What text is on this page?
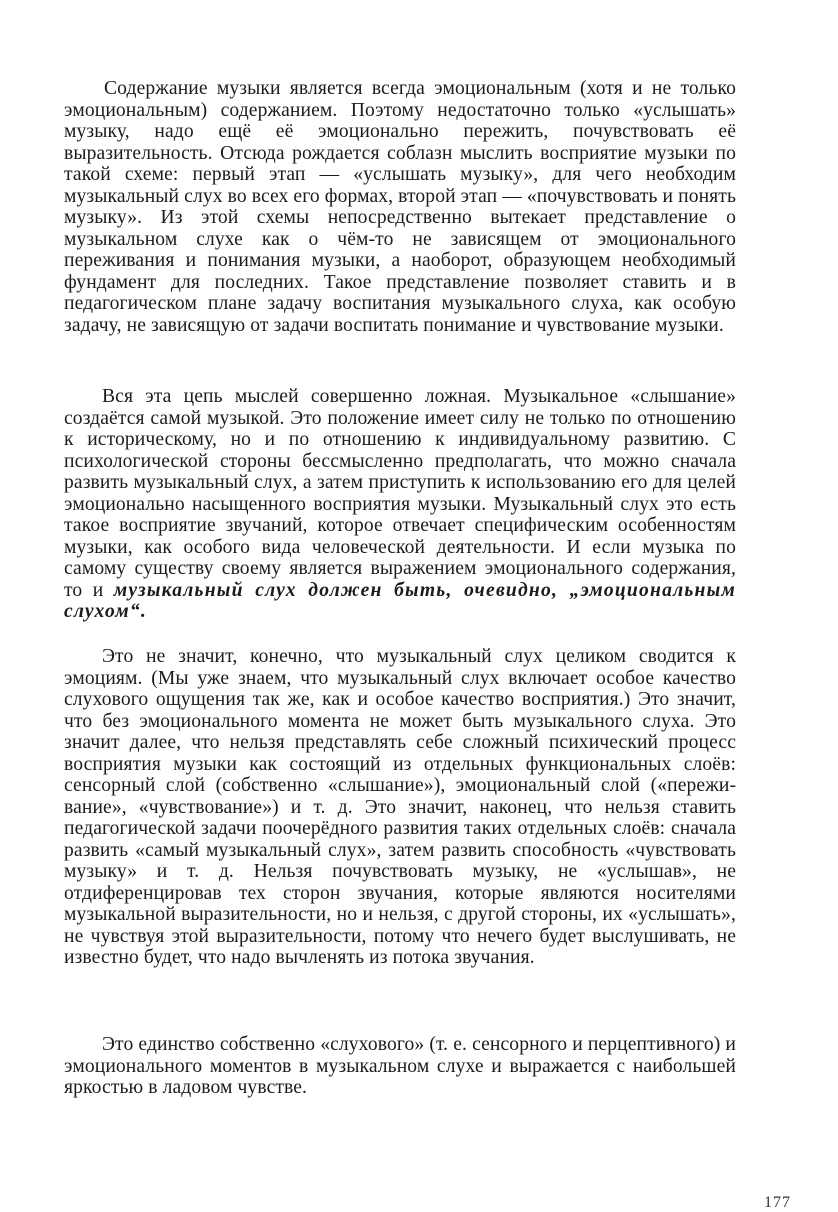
Содержание музыки является всегда эмоциональным (хотя и не только эмоциональным) содержанием. Поэтому недостаточно только «услышать» музыку, надо ещё её эмоционально пережить, почувствовать её выразительность. Отсюда рождается соблазн мыслить восприятие музыки по такой схеме: первый этап — «услышать музыку», для чего необходим музыкальный слух во всех его формах, второй этап — «почувствовать и понять музыку». Из этой схемы непосредственно вытекает представление о музыкальном слухе как о чём-то не зависящем от эмоционального переживания и понимания музыки, а наоборот, образующем необходимый фундамент для последних. Такое представление позволяет ставить и в педагогическом плане задачу воспитания музыкального слуха, как особую задачу, не зависящую от задачи воспитать понимание и чувствование музыки.

Вся эта цепь мыслей совершенно ложная. Музыкальное «слышание» создаётся самой музыкой. Это положение имеет силу не только по отношению к историческому, но и по отношению к индивидуальному развитию. С психологической стороны бессмысленно предполагать, что можно сначала развить музыкальный слух, а затем приступить к использованию его для целей эмоционально насыщенного восприятия музыки. Музыкальный слух это есть такое восприятие звучаний, которое отвечает специфическим особенностям музыки, как особого вида человеческой деятельности. И если музыка по самому существу своему является выражением эмоционального содержания, то и музыкальный слух должен быть, очевидно, „эмоциональным слухом“.

Это не значит, конечно, что музыкальный слух целиком сводится к эмоциям. (Мы уже знаем, что музыкальный слух включает особое качество слухового ощущения так же, как и особое качество восприятия.) Это значит, что без эмоционального момента не может быть музыкального слуха. Это значит далее, что нельзя представлять себе сложный психический процесс восприятия музыки как состоящий из отдельных функциональных слоёв: сенсорный слой (собственно «слышание»), эмоциональный слой («переживание», «чувствование») и т. д. Это значит, наконец, что нельзя ставить педагогической задачи поочерёдного развития таких отдельных слоёв: сначала развить «самый музыкальный слух», затем развить способность «чувствовать музыку» и т. д. Нельзя почувствовать музыку, не «услышав», не отдиференцировав тех сторон звучания, которые являются носителями музыкальной выразительности, но и нельзя, с другой стороны, их «услышать», не чувствуя этой выразительности, потому что нечего будет выслушивать, не известно будет, что надо вычленять из потока звучания.

Это единство собственно «слухового» (т. е. сенсорного и перцептивного) и эмоционального моментов в музыкальном слухе и выражается с наибольшей яркостью в ладовом чувстве.

177
